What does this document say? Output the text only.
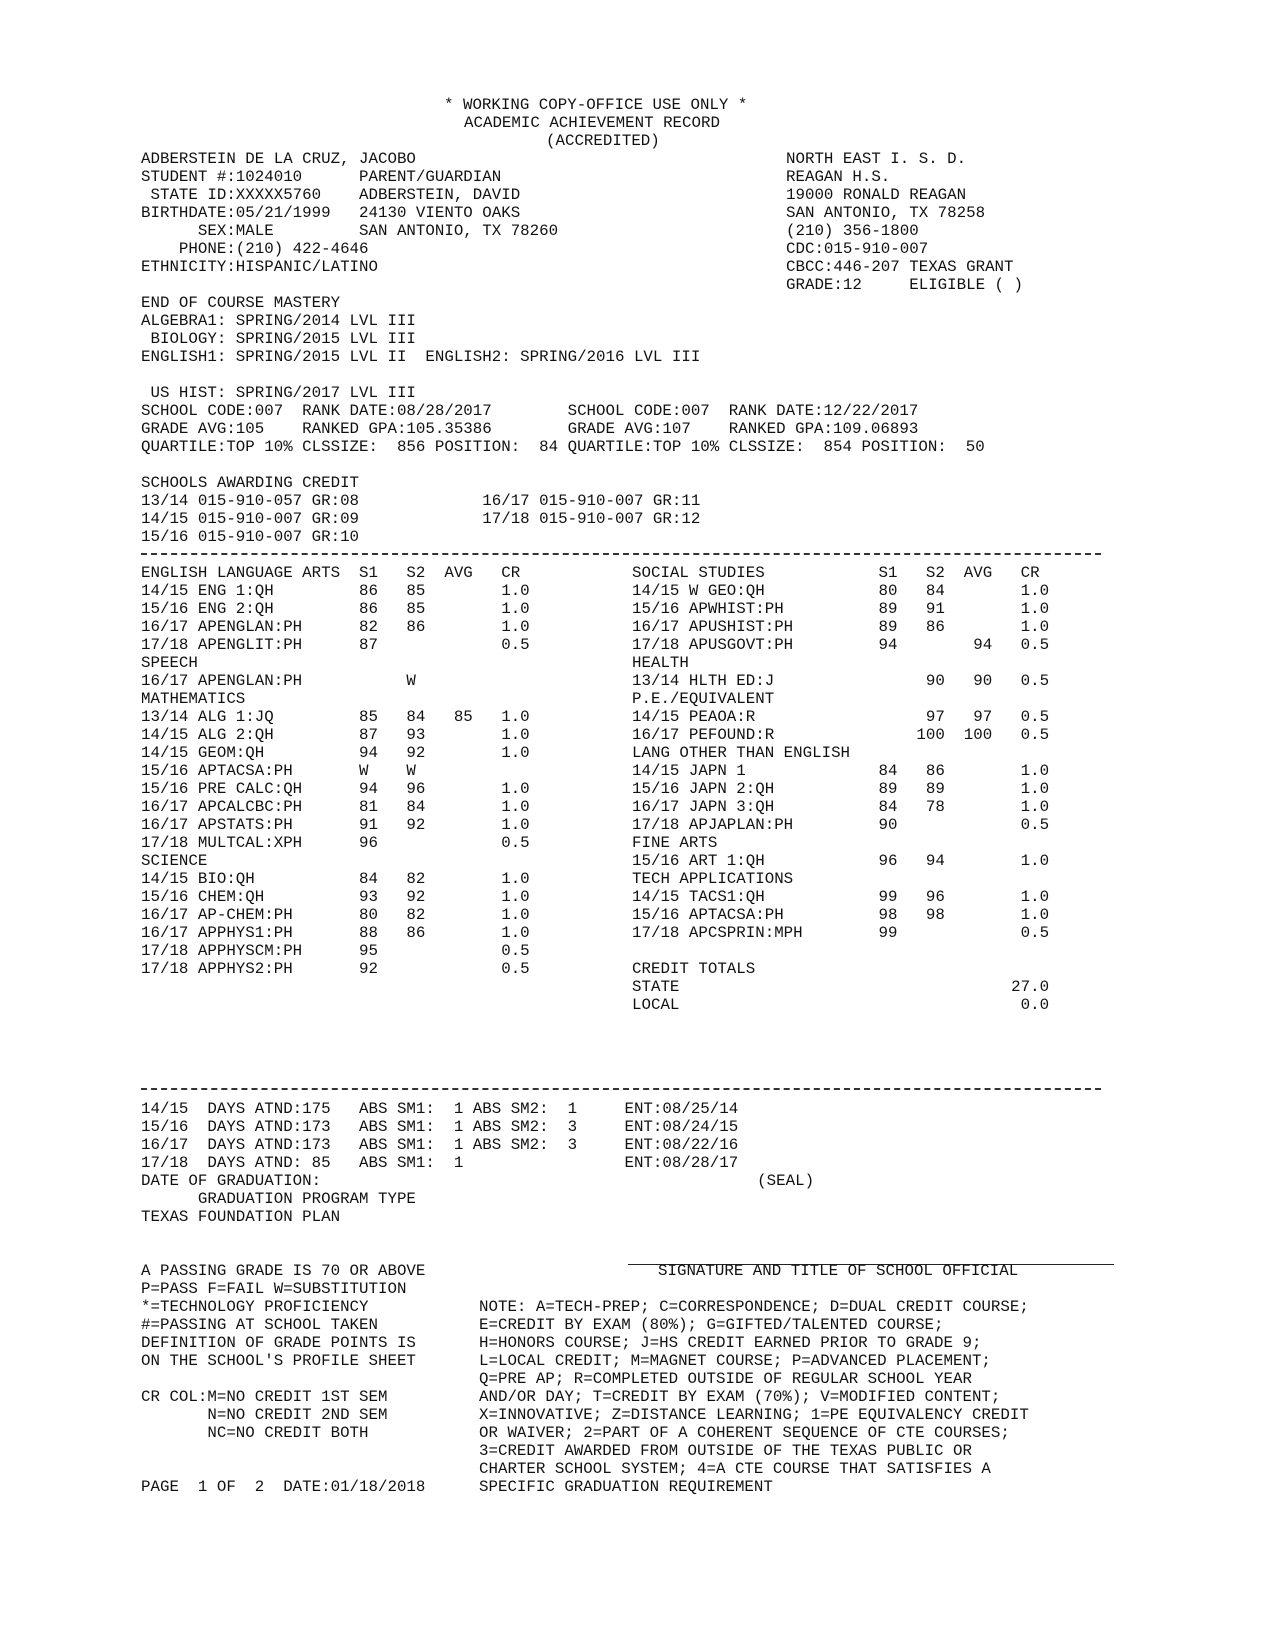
* WORKING COPY-OFFICE USE ONLY *
ACADEMIC ACHIEVEMENT RECORD
(ACCREDITED)
ADBERSTEIN DE LA CRUZ, JACOBO
STUDENT #:1024010      PARENT/GUARDIAN
STATE ID:XXXXX5760    ADBERSTEIN, DAVID
BIRTHDATE:05/21/1999   24130 VIENTO OAKS
SEX:MALE         SAN ANTONIO, TX 78260
PHONE:(210) 422-4646
ETHNICITY:HISPANIC/LATINO
NORTH EAST I. S. D.
REAGAN H.S.
19000 RONALD REAGAN
SAN ANTONIO, TX 78258
(210) 356-1800
CDC:015-910-007
CBCC:446-207 TEXAS GRANT
GRADE:12     ELIGIBLE ( )
END OF COURSE MASTERY
ALGEBRA1: SPRING/2014 LVL III
BIOLOGY: SPRING/2015 LVL III
ENGLISH1: SPRING/2015 LVL II  ENGLISH2: SPRING/2016 LVL III
US HIST: SPRING/2017 LVL III
SCHOOL CODE:007  RANK DATE:08/28/2017        SCHOOL CODE:007  RANK DATE:12/22/2017
GRADE AVG:105    RANKED GPA:105.35386        GRADE AVG:107    RANKED GPA:109.06893
QUARTILE:TOP 10% CLSSIZE:  856 POSITION:  84 QUARTILE:TOP 10% CLSSIZE:  854 POSITION:  50
SCHOOLS AWARDING CREDIT
13/14 015-910-057 GR:08             16/17 015-910-007 GR:11
14/15 015-910-007 GR:09             17/18 015-910-007 GR:12
15/16 015-910-007 GR:10
ENGLISH LANGUAGE ARTS  S1   S2  AVG   CR
14/15 ENG 1:QH         86   85        1.0
15/16 ENG 2:QH         86   85        1.0
16/17 APENGLAN:PH      82   86        1.0
17/18 APENGLIT:PH      87             0.5
SPEECH
16/17 APENGLAN:PH           W
MATHEMATICS
13/14 ALG 1:JQ         85   84   85   1.0
14/15 ALG 2:QH         87   93        1.0
14/15 GEOM:QH          94   92        1.0
15/16 APTACSA:PH       W    W
15/16 PRE CALC:QH      94   96        1.0
16/17 APCALCBC:PH      81   84        1.0
16/17 APSTATS:PH       91   92        1.0
17/18 MULTCAL:XPH      96             0.5
SCIENCE
14/15 BIO:QH           84   82        1.0
15/16 CHEM:QH          93   92        1.0
16/17 AP-CHEM:PH       80   82        1.0
16/17 APPHYS1:PH       88   86        1.0
17/18 APPHYSCM:PH      95             0.5
17/18 APPHYS2:PH       92             0.5
SOCIAL STUDIES            S1   S2  AVG   CR
14/15 W GEO:QH            80   84        1.0
15/16 APWHIST:PH          89   91        1.0
16/17 APUSHIST:PH         89   86        1.0
17/18 APUSGOVT:PH         94        94   0.5
HEALTH
13/14 HLTH ED:J                90   90   0.5
P.E./EQUIVALENT
14/15 PEAOA:R                  97   97   0.5
16/17 PEFOUND:R               100  100   0.5
LANG OTHER THAN ENGLISH
14/15 JAPN 1              84   86        1.0
15/16 JAPN 2:QH           89   89        1.0
16/17 JAPN 3:QH           84   78        1.0
17/18 APJAPLAN:PH         90             0.5
FINE ARTS
15/16 ART 1:QH            96   94        1.0
TECH APPLICATIONS
14/15 TACS1:QH            99   96        1.0
15/16 APTACSA:PH          98   98        1.0
17/18 APCSPRIN:MPH        99             0.5
CREDIT TOTALS
STATE                                   27.0
LOCAL                                    0.0
14/15  DAYS ATND:175   ABS SM1:  1 ABS SM2:  1     ENT:08/25/14
15/16  DAYS ATND:173   ABS SM1:  1 ABS SM2:  3     ENT:08/24/15
16/17  DAYS ATND:173   ABS SM1:  1 ABS SM2:  3     ENT:08/22/16
17/18  DAYS ATND: 85   ABS SM1:  1                 ENT:08/28/17
DATE OF GRADUATION:                                              (SEAL)
GRADUATION PROGRAM TYPE
TEXAS FOUNDATION PLAN
SIGNATURE AND TITLE OF SCHOOL OFFICIAL
A PASSING GRADE IS 70 OR ABOVE
P=PASS F=FAIL W=SUBSTITUTION
*=TECHNOLOGY PROFICIENCY
#=PASSING AT SCHOOL TAKEN
DEFINITION OF GRADE POINTS IS
ON THE SCHOOL'S PROFILE SHEET
CR COL:M=NO CREDIT 1ST SEM
N=NO CREDIT 2ND SEM
NC=NO CREDIT BOTH
NOTE: A=TECH-PREP; C=CORRESPONDENCE; D=DUAL CREDIT COURSE;
E=CREDIT BY EXAM (80%); G=GIFTED/TALENTED COURSE;
H=HONORS COURSE; J=HS CREDIT EARNED PRIOR TO GRADE 9;
L=LOCAL CREDIT; M=MAGNET COURSE; P=ADVANCED PLACEMENT;
Q=PRE AP; R=COMPLETED OUTSIDE OF REGULAR SCHOOL YEAR
AND/OR DAY; T=CREDIT BY EXAM (70%); V=MODIFIED CONTENT;
X=INNOVATIVE; Z=DISTANCE LEARNING; 1=PE EQUIVALENCY CREDIT
OR WAIVER; 2=PART OF A COHERENT SEQUENCE OF CTE COURSES;
3=CREDIT AWARDED FROM OUTSIDE OF THE TEXAS PUBLIC OR
CHARTER SCHOOL SYSTEM; 4=A CTE COURSE THAT SATISFIES A
SPECIFIC GRADUATION REQUIREMENT
PAGE  1 OF  2  DATE:01/18/2018
